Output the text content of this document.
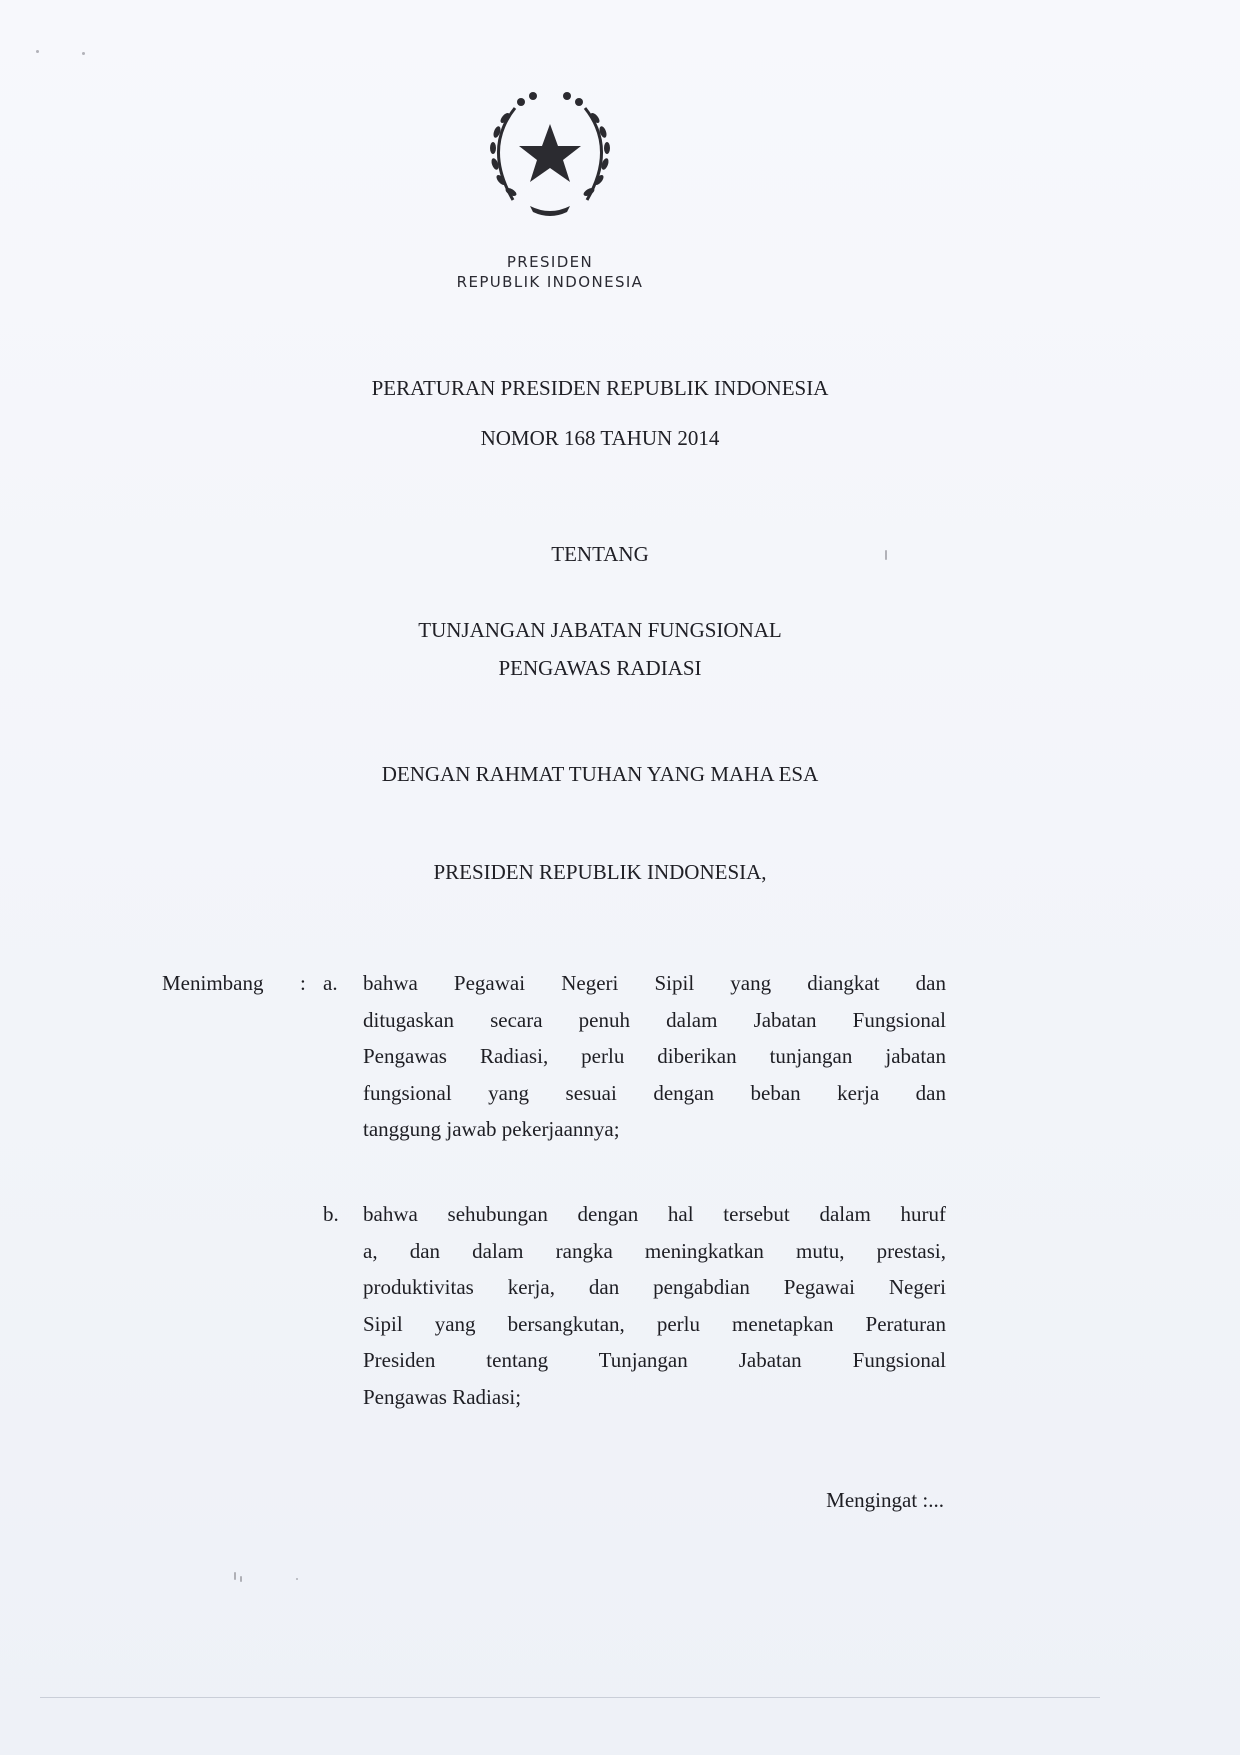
PRESIDEN
REPUBLIK INDONESIA
PERATURAN PRESIDEN REPUBLIK INDONESIA
NOMOR 168 TAHUN 2014
TENTANG
TUNJANGAN JABATAN FUNGSIONAL
PENGAWAS RADIASI
DENGAN RAHMAT TUHAN YANG MAHA ESA
PRESIDEN REPUBLIK INDONESIA,
Menimbang : a. bahwa Pegawai Negeri Sipil yang diangkat dan
ditugaskan secara penuh dalam Jabatan Fungsional
Pengawas Radiasi, perlu diberikan tunjangan jabatan
fungsional yang sesuai dengan beban kerja dan
tanggung jawab pekerjaannya;
b. bahwa sehubungan dengan hal tersebut dalam huruf
a, dan dalam rangka meningkatkan mutu, prestasi,
produktivitas kerja, dan pengabdian Pegawai Negeri
Sipil yang bersangkutan, perlu menetapkan Peraturan
Presiden tentang Tunjangan Jabatan Fungsional
Pengawas Radiasi;
Mengingat :...
